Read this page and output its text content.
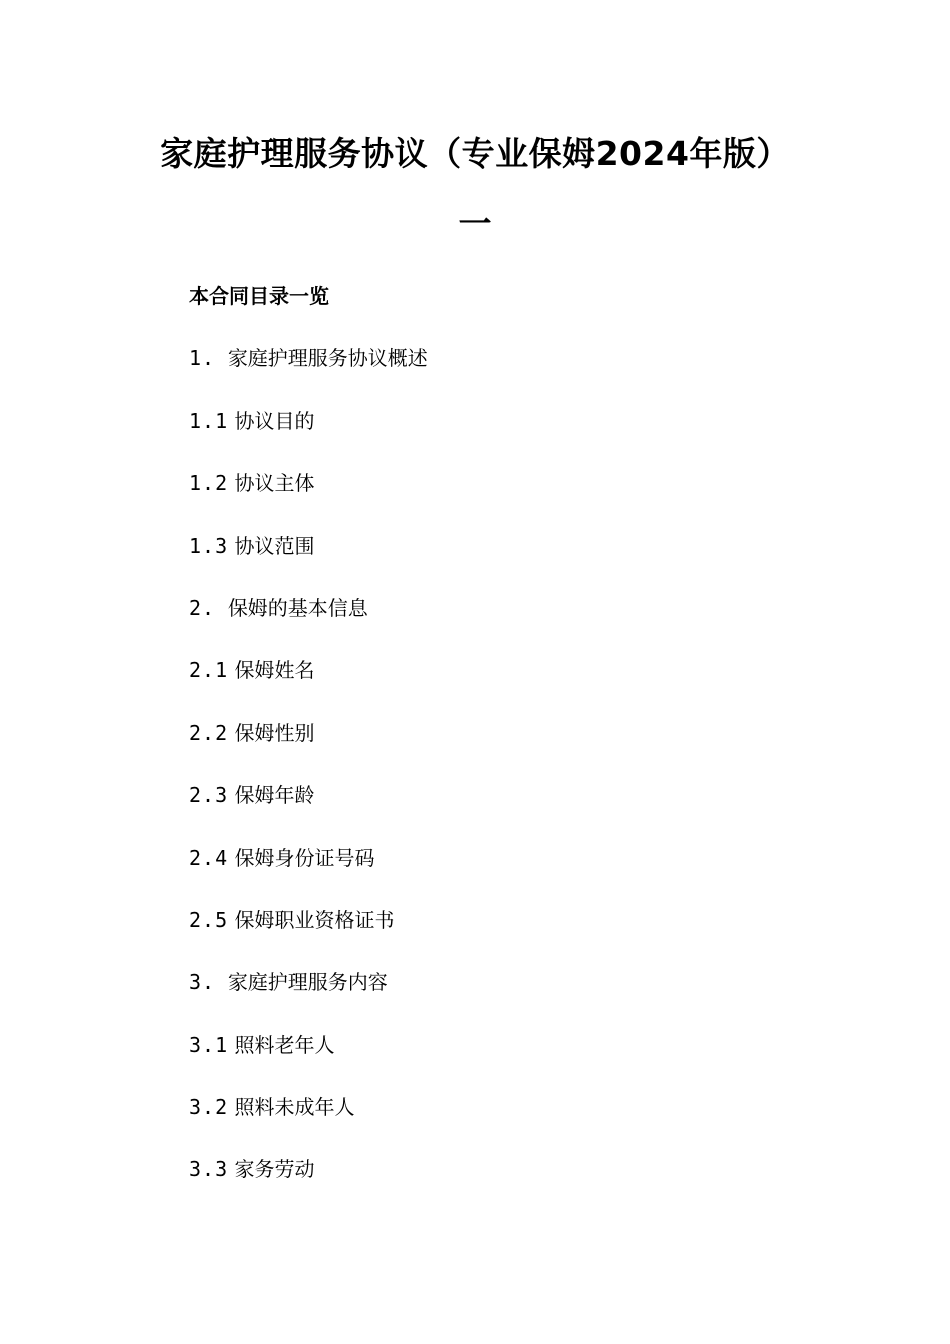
家庭护理服务协议（专业保姆2024年版）
一
本合同目录一览
1. 家庭护理服务协议概述
1.1 协议目的
1.2 协议主体
1.3 协议范围
2. 保姆的基本信息
2.1 保姆姓名
2.2 保姆性别
2.3 保姆年龄
2.4 保姆身份证号码
2.5 保姆职业资格证书
3. 家庭护理服务内容
3.1 照料老年人
3.2 照料未成年人
3.3 家务劳动
